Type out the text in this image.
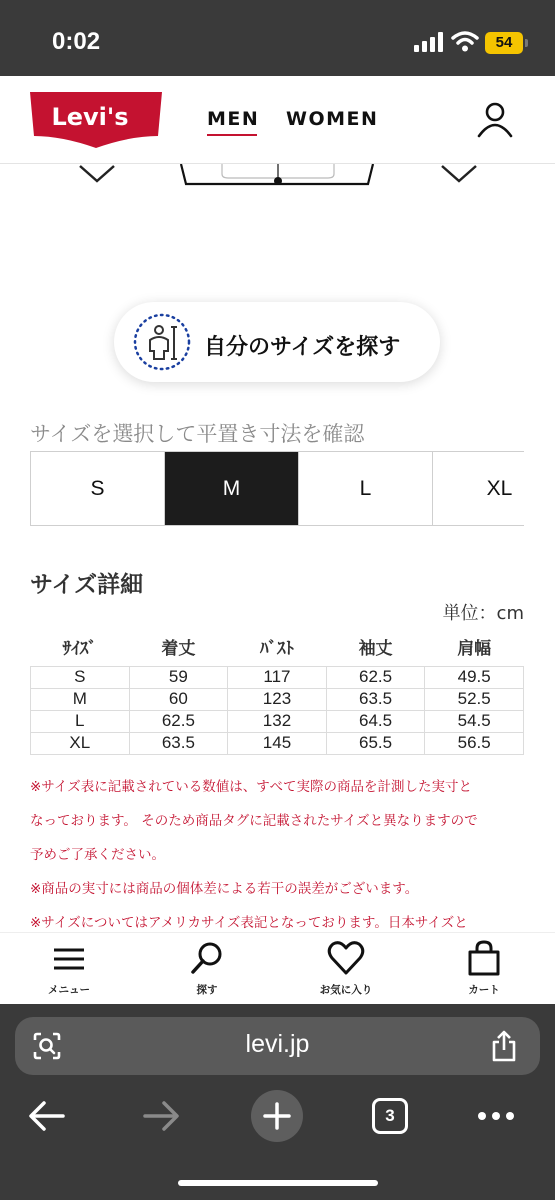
0:02	54
Levi's	MEN WOMEN
自分のサイズを探す
サイズを選択して平置き寸法を確認
S	M	L	XL
サイズ詳細
単位：cm
ｻｲｽﾞ	着丈	ﾊﾞｽﾄ	袖丈	肩幅

S	59	117	62.5	49.5
M	60	123	63.5	52.5
L	62.5	132	64.5	54.5
XL	63.5	145	65.5	56.5
※サイズ表に記載されている数値は、すべて実際の商品を計測した実寸と
なっております。 そのため商品タグに記載されたサイズと異なりますので
予めご了承ください。
※商品の実寸には商品の個体差による若干の誤差がございます。
※サイズについてはアメリカサイズ表記となっております。日本サイズと
メニュー	探す	お気に入り	カート
levi.jp
3
